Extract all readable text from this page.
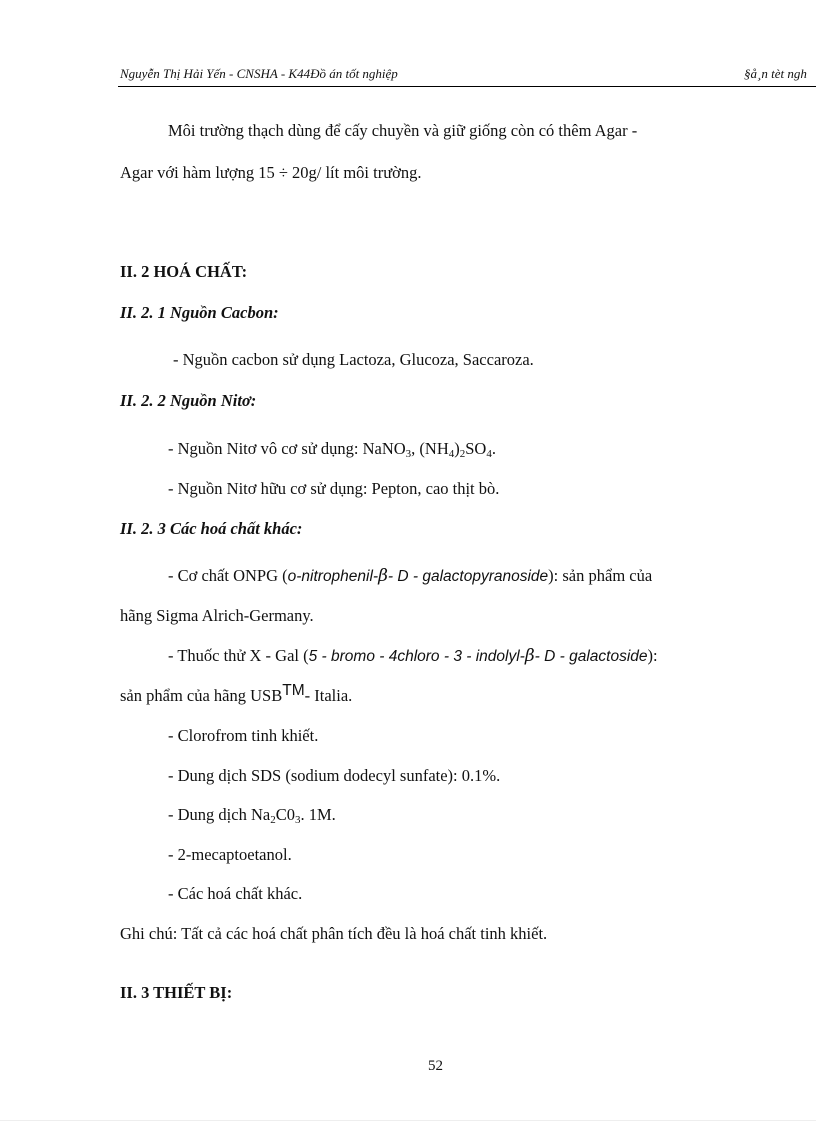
Nguyễn Thị Hải Yến - CNSHA - K44Đồ án tốt nghiệp	§å¸n tèt ngh
Môi trường thạch dùng để cấy chuyền và giữ giống còn có thêm Agar -
Agar với hàm lượng 15 ÷ 20g/ lít môi trường.
II. 2 HOÁ CHẤT:
II. 2. 1 Nguồn Cacbon:
- Nguồn cacbon sử dụng Lactoza, Glucoza, Saccaroza.
II. 2. 2 Nguồn Nitơ:
- Nguồn Nitơ vô cơ sử dụng: NaNO$_3$, $(NH_4)_2SO_4$.
- Nguồn Nitơ hữu cơ sử dụng: Pepton, cao thịt bò.
II. 2. 3 Các hoá chất khác:
- Cơ chất ONPG (o-nitrophenil-β- D - galactopyranoside): sản phẩm của
hãng Sigma Alrich-Germany.
- Thuốc thử X - Gal (5 - bromo - 4chloro - 3 - indolyl-β- D - galactoside):
sản phẩm của hãng USB™- Italia.
- Clorofrom tinh khiết.
- Dung dịch SDS (sodium dodecyl sunfate): 0.1%.
- Dung dịch $Na_2C0_3$. 1M.
- 2-mecaptoetanol.
- Các hoá chất khác.
Ghi chú: Tất cả các hoá chất phân tích đều là hoá chất tinh khiết.
II. 3 THIẾT BỊ:
52
